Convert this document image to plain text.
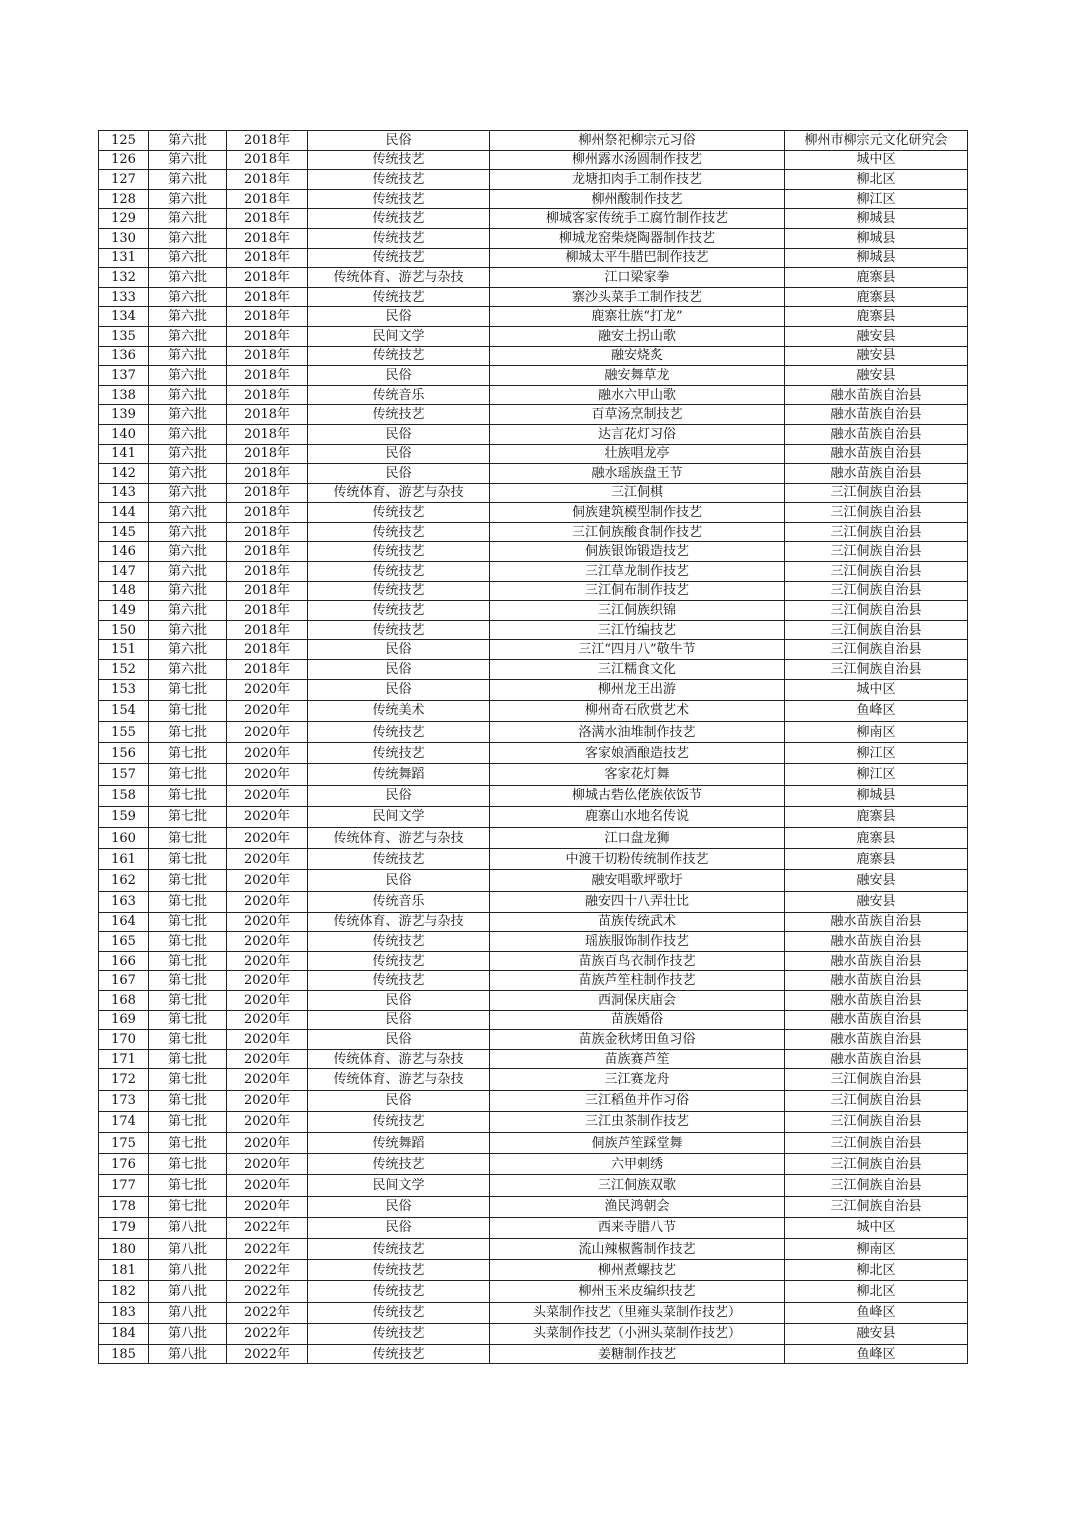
125	第六批	2018年	民俗	柳州祭祀柳宗元习俗	柳州市柳宗元文化研究会
126	第六批	2018年	传统技艺	柳州露水汤圆制作技艺	城中区
127	第六批	2018年	传统技艺	龙塘扣肉手工制作技艺	柳北区
128	第六批	2018年	传统技艺	柳州酸制作技艺	柳江区
129	第六批	2018年	传统技艺	柳城客家传统手工腐竹制作技艺	柳城县
130	第六批	2018年	传统技艺	柳城龙窑柴烧陶器制作技艺	柳城县
131	第六批	2018年	传统技艺	柳城太平牛腊巴制作技艺	柳城县
132	第六批	2018年	传统体育、游艺与杂技	江口梁家拳	鹿寨县
133	第六批	2018年	传统技艺	寨沙头菜手工制作技艺	鹿寨县
134	第六批	2018年	民俗	鹿寨壮族“打龙”	鹿寨县
135	第六批	2018年	民间文学	融安土拐山歌	融安县
136	第六批	2018年	传统技艺	融安烧炙	融安县
137	第六批	2018年	民俗	融安舞草龙	融安县
138	第六批	2018年	传统音乐	融水六甲山歌	融水苗族自治县
139	第六批	2018年	传统技艺	百草汤烹制技艺	融水苗族自治县
140	第六批	2018年	民俗	达言花灯习俗	融水苗族自治县
141	第六批	2018年	民俗	壮族唱龙亭	融水苗族自治县
142	第六批	2018年	民俗	融水瑶族盘王节	融水苗族自治县
143	第六批	2018年	传统体育、游艺与杂技	三江侗棋	三江侗族自治县
144	第六批	2018年	传统技艺	侗族建筑模型制作技艺	三江侗族自治县
145	第六批	2018年	传统技艺	三江侗族酸食制作技艺	三江侗族自治县
146	第六批	2018年	传统技艺	侗族银饰锻造技艺	三江侗族自治县
147	第六批	2018年	传统技艺	三江草龙制作技艺	三江侗族自治县
148	第六批	2018年	传统技艺	三江侗布制作技艺	三江侗族自治县
149	第六批	2018年	传统技艺	三江侗族织锦	三江侗族自治县
150	第六批	2018年	传统技艺	三江竹编技艺	三江侗族自治县
151	第六批	2018年	民俗	三江“四月八”敬牛节	三江侗族自治县
152	第六批	2018年	民俗	三江糯食文化	三江侗族自治县
153	第七批	2020年	民俗	柳州龙王出游	城中区
154	第七批	2020年	传统美术	柳州奇石欣赏艺术	鱼峰区
155	第七批	2020年	传统技艺	洛满水油堆制作技艺	柳南区
156	第七批	2020年	传统技艺	客家娘酒酿造技艺	柳江区
157	第七批	2020年	传统舞蹈	客家花灯舞	柳江区
158	第七批	2020年	民俗	柳城古砦仫佬族依饭节	柳城县
159	第七批	2020年	民间文学	鹿寨山水地名传说	鹿寨县
160	第七批	2020年	传统体育、游艺与杂技	江口盘龙狮	鹿寨县
161	第七批	2020年	传统技艺	中渡干切粉传统制作技艺	鹿寨县
162	第七批	2020年	民俗	融安唱歌坪歌圩	融安县
163	第七批	2020年	传统音乐	融安四十八弄壮比	融安县
164	第七批	2020年	传统体育、游艺与杂技	苗族传统武术	融水苗族自治县
165	第七批	2020年	传统技艺	瑶族服饰制作技艺	融水苗族自治县
166	第七批	2020年	传统技艺	苗族百鸟衣制作技艺	融水苗族自治县
167	第七批	2020年	传统技艺	苗族芦笙柱制作技艺	融水苗族自治县
168	第七批	2020年	民俗	西洞保庆庙会	融水苗族自治县
169	第七批	2020年	民俗	苗族婚俗	融水苗族自治县
170	第七批	2020年	民俗	苗族金秋烤田鱼习俗	融水苗族自治县
171	第七批	2020年	传统体育、游艺与杂技	苗族赛芦笙	融水苗族自治县
172	第七批	2020年	传统体育、游艺与杂技	三江赛龙舟	三江侗族自治县
173	第七批	2020年	民俗	三江稻鱼并作习俗	三江侗族自治县
174	第七批	2020年	传统技艺	三江虫茶制作技艺	三江侗族自治县
175	第七批	2020年	传统舞蹈	侗族芦笙踩堂舞	三江侗族自治县
176	第七批	2020年	传统技艺	六甲刺绣	三江侗族自治县
177	第七批	2020年	民间文学	三江侗族双歌	三江侗族自治县
178	第七批	2020年	民俗	渔民鸿朝会	三江侗族自治县
179	第八批	2022年	民俗	西来寺腊八节	城中区
180	第八批	2022年	传统技艺	流山辣椒酱制作技艺	柳南区
181	第八批	2022年	传统技艺	柳州煮螺技艺	柳北区
182	第八批	2022年	传统技艺	柳州玉米皮编织技艺	柳北区
183	第八批	2022年	传统技艺	头菜制作技艺（里雍头菜制作技艺）	鱼峰区
184	第八批	2022年	传统技艺	头菜制作技艺（小洲头菜制作技艺）	融安县
185	第八批	2022年	传统技艺	姜糖制作技艺	鱼峰区
